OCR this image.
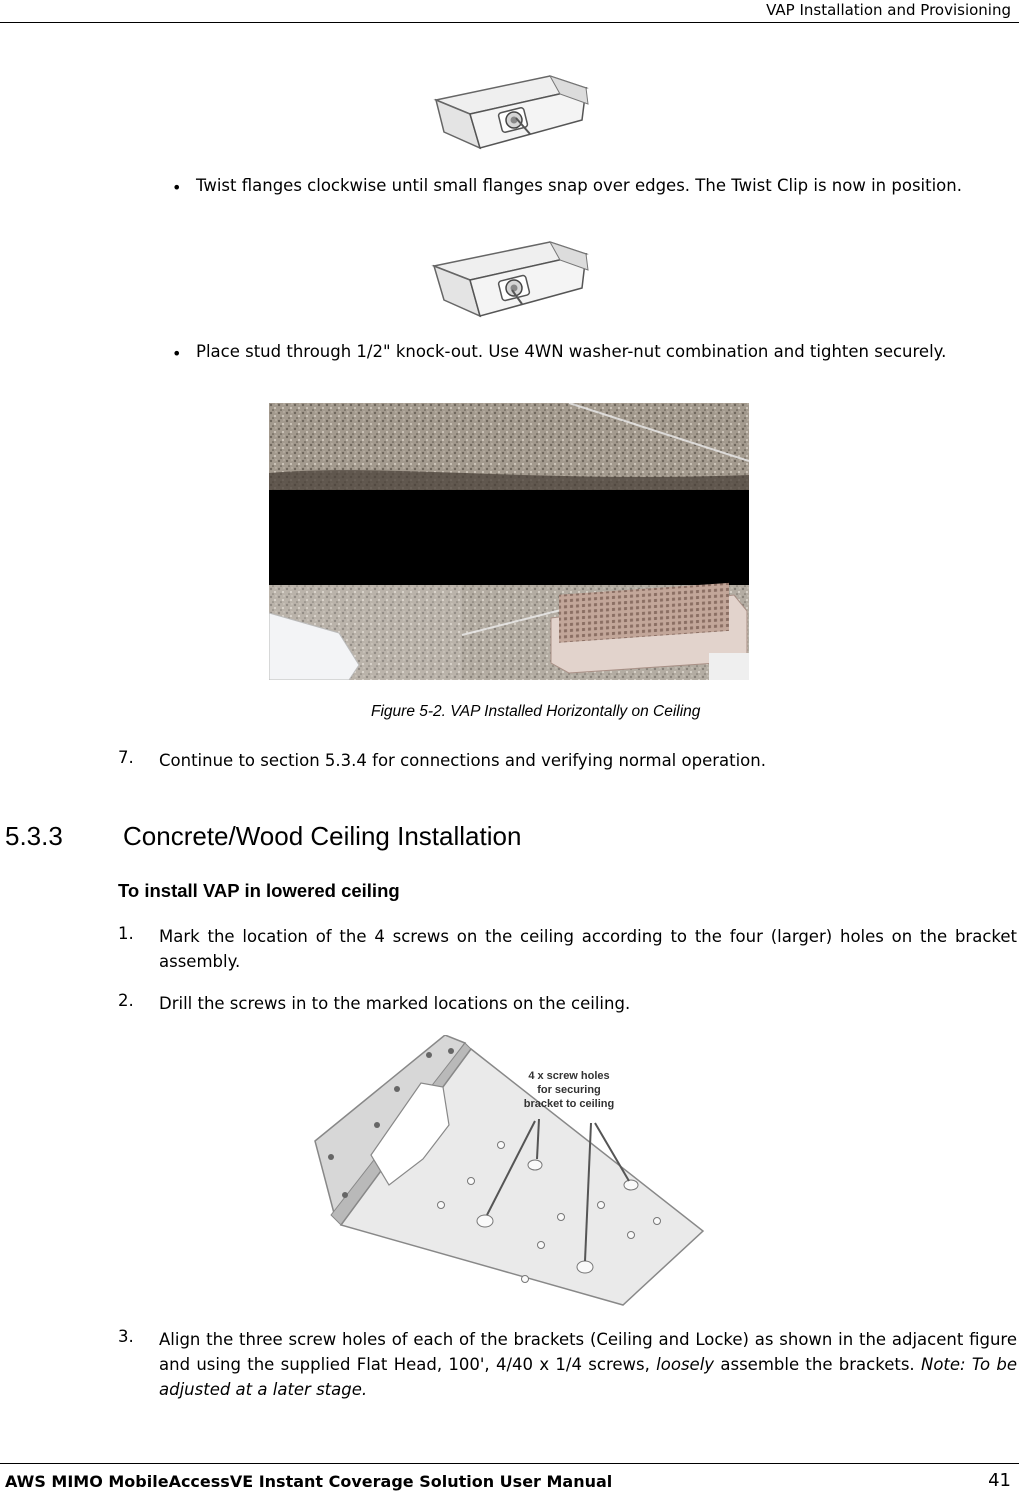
VAP Installation and Provisioning
• Twist flanges clockwise until small flanges snap over edges. The Twist Clip is now in position.
• Place stud through 1/2" knock-out. Use 4WN washer-nut combination and tighten securely.
Figure 5-2. VAP Installed Horizontally on Ceiling
7. Continue to section 5.3.4 for connections and verifying normal operation.
5.3.3 Concrete/Wood Ceiling Installation
To install VAP in lowered ceiling
1. Mark the location of the 4 screws on the ceiling according to the four (larger) holes on the bracket assembly.
2. Drill the screws in to the marked locations on the ceiling.
4 x screw holes
for securing
bracket to ceiling
3. Align the three screw holes of each of the brackets (Ceiling and Locke) as shown in the adjacent figure and using the supplied Flat Head, 100', 4/40 x 1/4 screws, loosely assemble the brackets. Note: To be adjusted at a later stage.
AWS MIMO MobileAccessVE Instant Coverage Solution User Manual	41
